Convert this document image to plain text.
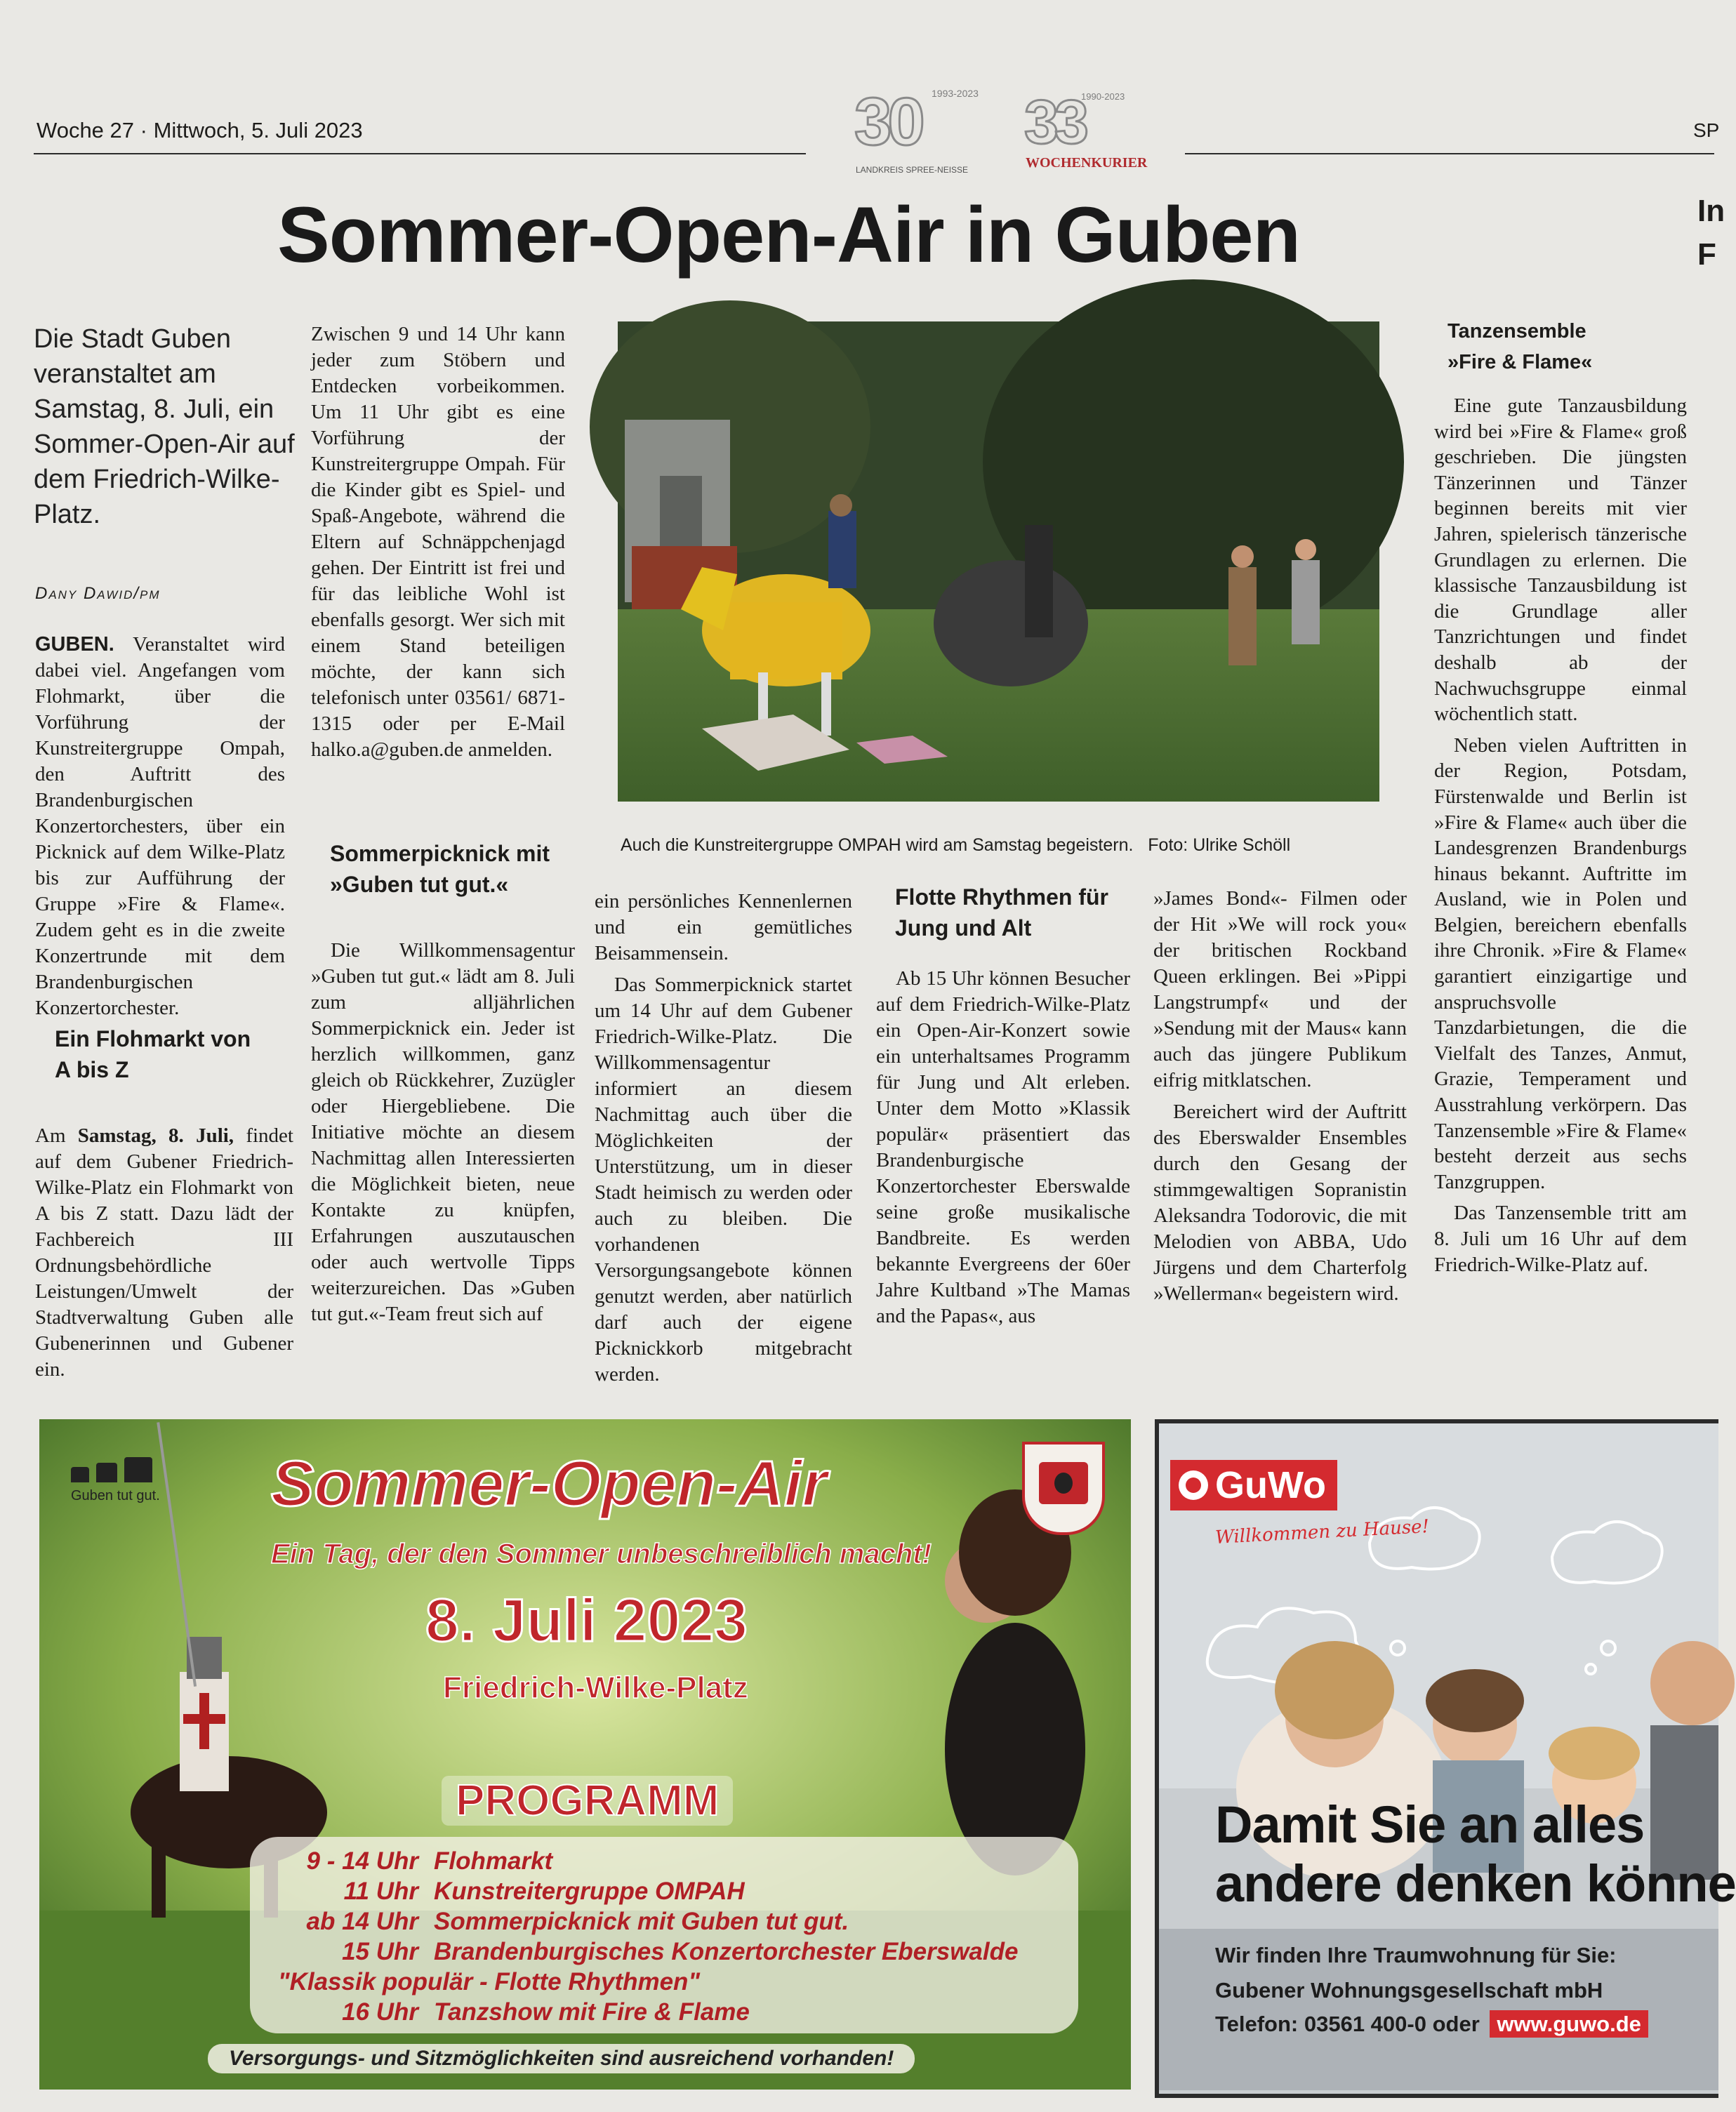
Woche 27 · Mittwoch, 5. Juli 2023	SP
1993-2023
30
LANDKREIS SPREE-NEISSE
1990-2023
33
WOCHENKURIER
Sommer-Open-Air in Guben	In
F
Die Stadt Guben veranstaltet am Samstag, 8. Juli, ein Sommer-Open-Air auf dem Friedrich-Wilke-Platz.
Dany Dawid/pm

GUBEN. Veranstaltet wird dabei viel. Angefangen vom Flohmarkt, über die Vorführung der Kunstreitergruppe Ompah, den Auftritt des Brandenburgischen Konzertorchesters, über ein Picknick auf dem Wilke-Platz bis zur Aufführung der Gruppe »Fire & Flame«. Zudem geht es in die zweite Konzertrunde mit dem Brandenburgischen Konzertorchester.

Ein Flohmarkt von A bis Z

Am Samstag, 8. Juli, findet auf dem Gubener Friedrich-Wilke-Platz ein Flohmarkt von A bis Z statt. Dazu lädt der Fachbereich III Ordnungsbehördliche Leistungen/Umwelt der Stadtverwaltung Guben alle Gubenerinnen und Gubener ein.

Zwischen 9 und 14 Uhr kann jeder zum Stöbern und Entdecken vorbeikommen. Um 11 Uhr gibt es eine Vorführung der Kunstreitergruppe Ompah. Für die Kinder gibt es Spiel- und Spaß-Angebote, während die Eltern auf Schnäppchenjagd gehen. Der Eintritt ist frei und für das leibliche Wohl ist ebenfalls gesorgt. Wer sich mit einem Stand beteiligen möchte, der kann sich telefonisch unter 03561/ 6871-1315 oder per E-Mail halko.a@guben.de anmelden.
Sommerpicknick mit »Guben tut gut.«

Die Willkommensagentur »Guben tut gut.« lädt am 8. Juli zum alljährlichen Sommerpicknick ein. Jeder ist herzlich willkommen, ganz gleich ob Rückkehrer, Zuzügler oder Hiergebliebene. Die Initiative möchte an diesem Nachmittag allen Interessierten die Möglichkeit bieten, neue Kontakte zu knüpfen, Erfahrungen auszutauschen oder auch wertvolle Tipps weiterzureichen. Das »Guben tut gut.«-Team freut sich auf

Auch die Kunstreitergruppe OMPAH wird am Samstag begeistern. Foto: Ulrike Schöll

ein persönliches Kennenlernen und ein gemütliches Beisammensein.

Das Sommerpicknick startet um 14 Uhr auf dem Gubener Friedrich-Wilke-Platz. Die Willkommensagentur informiert an diesem Nachmittag auch über die Möglichkeiten der Unterstützung, um in dieser Stadt heimisch zu werden oder auch zu bleiben. Die vorhandenen Versorgungsangebote können genutzt werden, aber natürlich darf auch der eigene Picknickkorb mitgebracht werden.

Flotte Rhythmen für Jung und Alt

Ab 15 Uhr können Besucher auf dem Friedrich-Wilke-Platz ein Open-Air-Konzert sowie ein unterhaltsames Programm für Jung und Alt erleben. Unter dem Motto »Klassik populär« präsentiert das Brandenburgische Konzertorchester Eberswalde seine große musikalische Bandbreite. Es werden bekannte Evergreens der 60er Jahre Kultband »The Mamas and the Papas«, aus

»James Bond«- Filmen oder der Hit »We will rock you« der britischen Rockband Queen erklingen. Bei »Pippi Langstrumpf« und der »Sendung mit der Maus« kann auch das jüngere Publikum eifrig mitklatschen.

Bereichert wird der Auftritt des Eberswalder Ensembles durch den Gesang der stimmgewaltigen Sopranistin Aleksandra Todorovic, die mit Melodien von ABBA, Udo Jürgens und dem Charterfolg »Wellerman« begeistern wird.

Tanzensemble »Fire & Flame«

Eine gute Tanzausbildung wird bei »Fire & Flame« groß geschrieben. Die jüngsten Tänzerinnen und Tänzer beginnen bereits mit vier Jahren, spielerisch tänzerische Grundlagen zu erlernen. Die klassische Tanzausbildung ist die Grundlage aller Tanzrichtungen und findet deshalb ab der Nachwuchsgruppe einmal wöchentlich statt.

Neben vielen Auftritten in der Region, Potsdam, Fürstenwalde und Berlin ist »Fire & Flame« auch über die Landesgrenzen Brandenburgs hinaus bekannt. Auftritte im Ausland, wie in Polen und Belgien, bereichern ebenfalls ihre Chronik. »Fire & Flame« garantiert einzigartige und anspruchsvolle Tanzdarbietungen, die die Vielfalt des Tanzes, Anmut, Grazie, Temperament und Ausstrahlung verkörpern. Das Tanzensemble »Fire & Flame« besteht derzeit aus sechs Tanzgruppen.

Das Tanzensemble tritt am 8. Juli um 16 Uhr auf dem Friedrich-Wilke-Platz auf.

Guben tut gut.	Sommer-Open-Air
Ein Tag, der den Sommer unbeschreiblich macht!
8. Juli 2023
Friedrich-Wilke-Platz
PROGRAMM
9 - 14 Uhr Flohmarkt
11 Uhr Kunstreitergruppe OMPAH
ab 14 Uhr Sommerpicknick mit Guben tut gut.
15 Uhr Brandenburgisches Konzertorchester Eberswalde
"Klassik populär - Flotte Rhythmen"
16 Uhr Tanzshow mit Fire & Flame
Versorgungs- und Sitzmöglichkeiten sind ausreichend vorhanden!
GuWo
Willkommen zu Hause!
Damit Sie an alles
andere denken könne
Wir finden Ihre Traumwohnung für Sie:
Gubener Wohnungsgesellschaft mbH
Telefon: 03561 400-0 oder www.guwo.de
